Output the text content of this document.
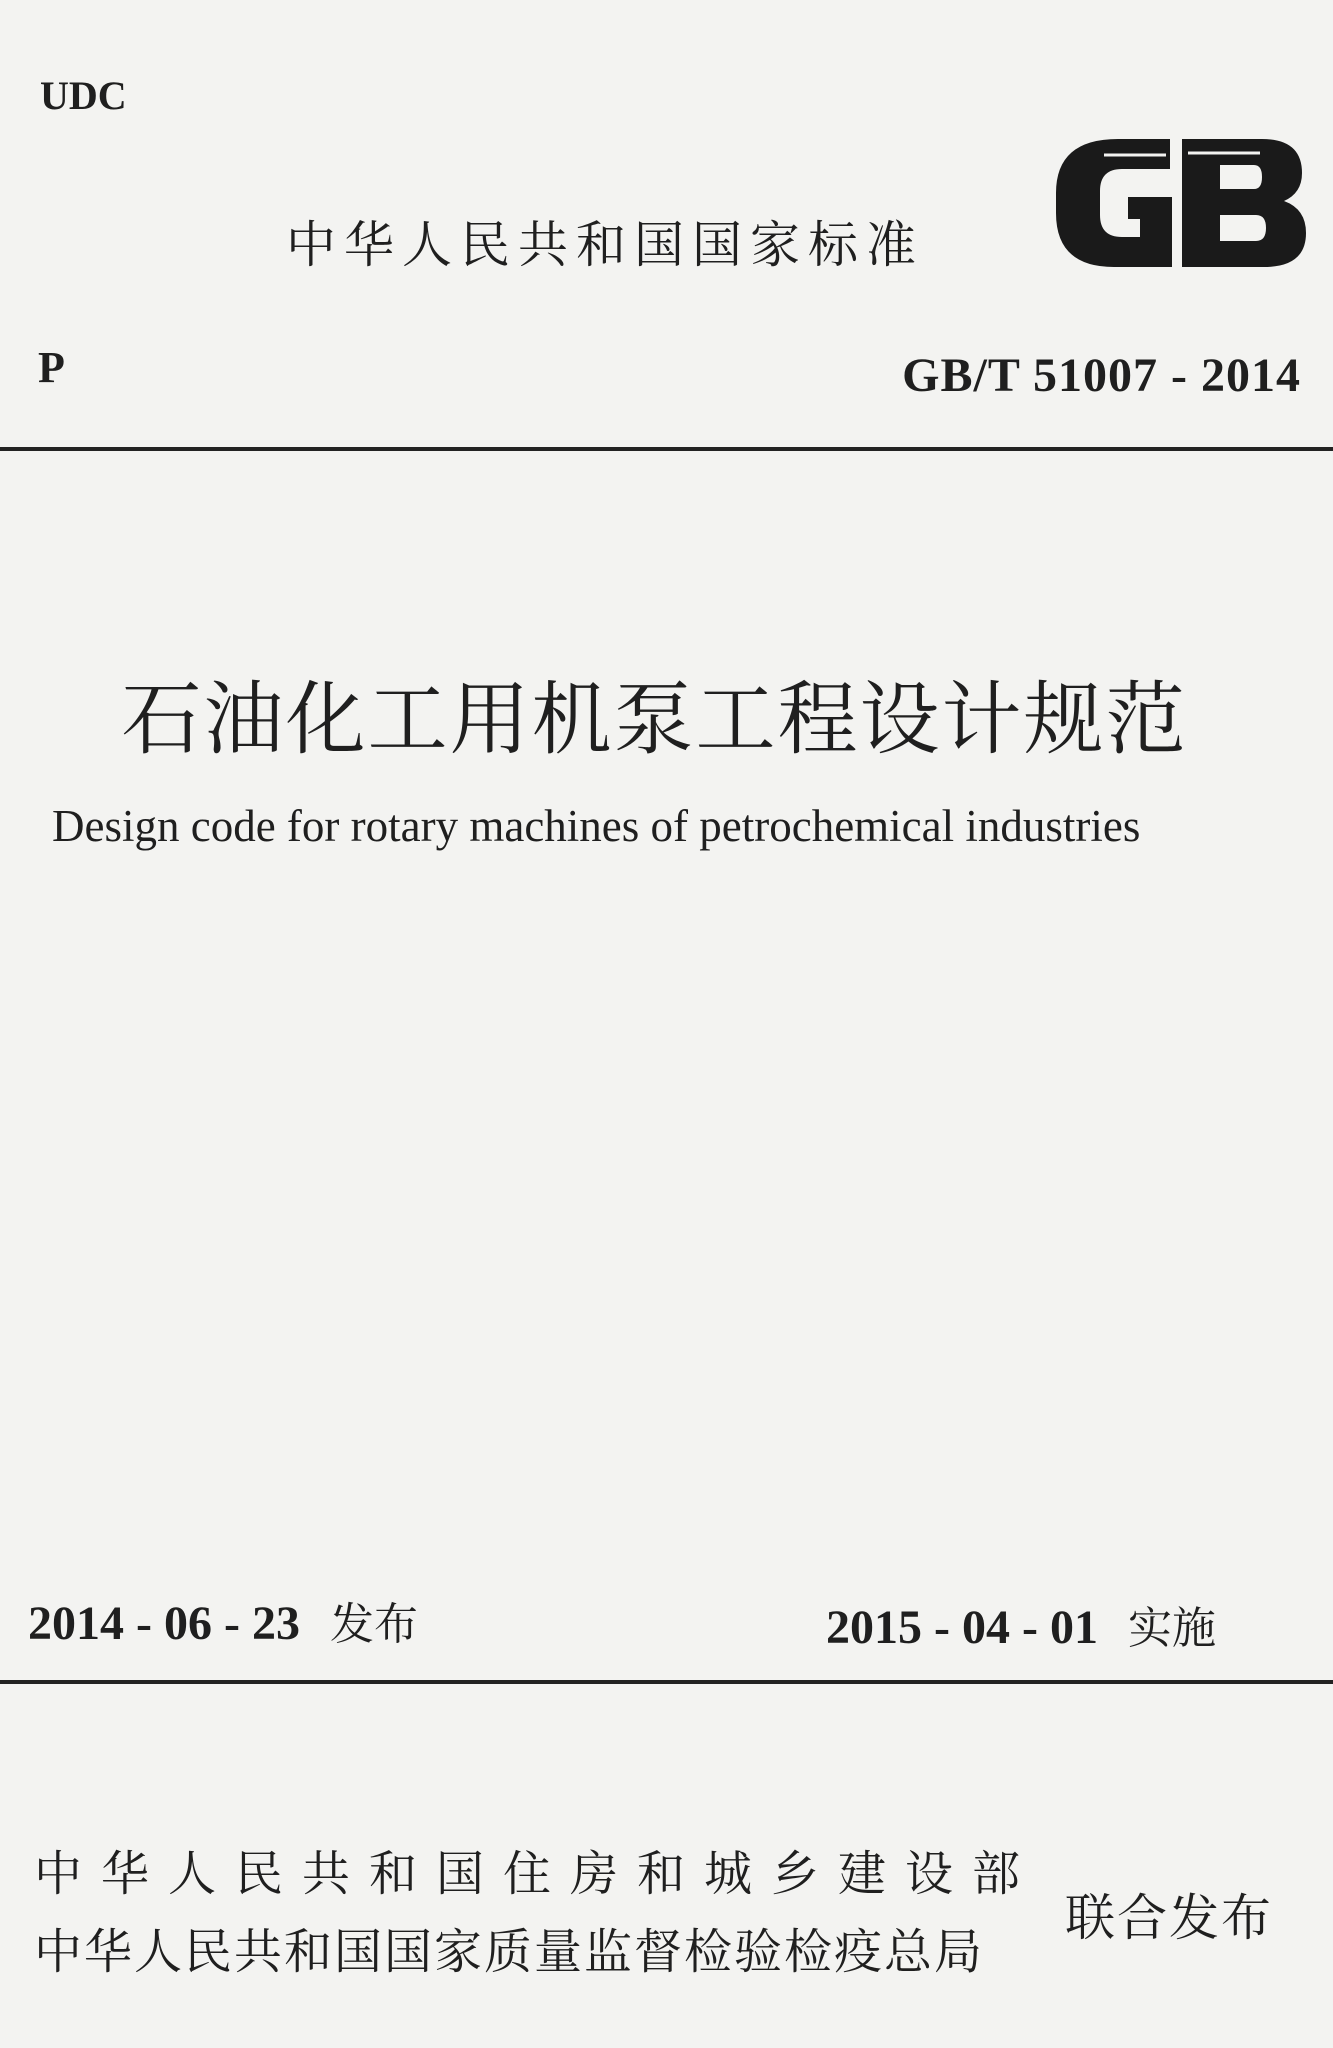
UDC
中华人民共和国国家标准
P	GB/T 51007 - 2014
石油化工用机泵工程设计规范
Design code for rotary machines of petrochemical industries
2014 - 06 - 23 发布	2015 - 04 - 01 实施
中华人民共和国住房和城乡建设部
中华人民共和国国家质量监督检验检疫总局
联合发布
